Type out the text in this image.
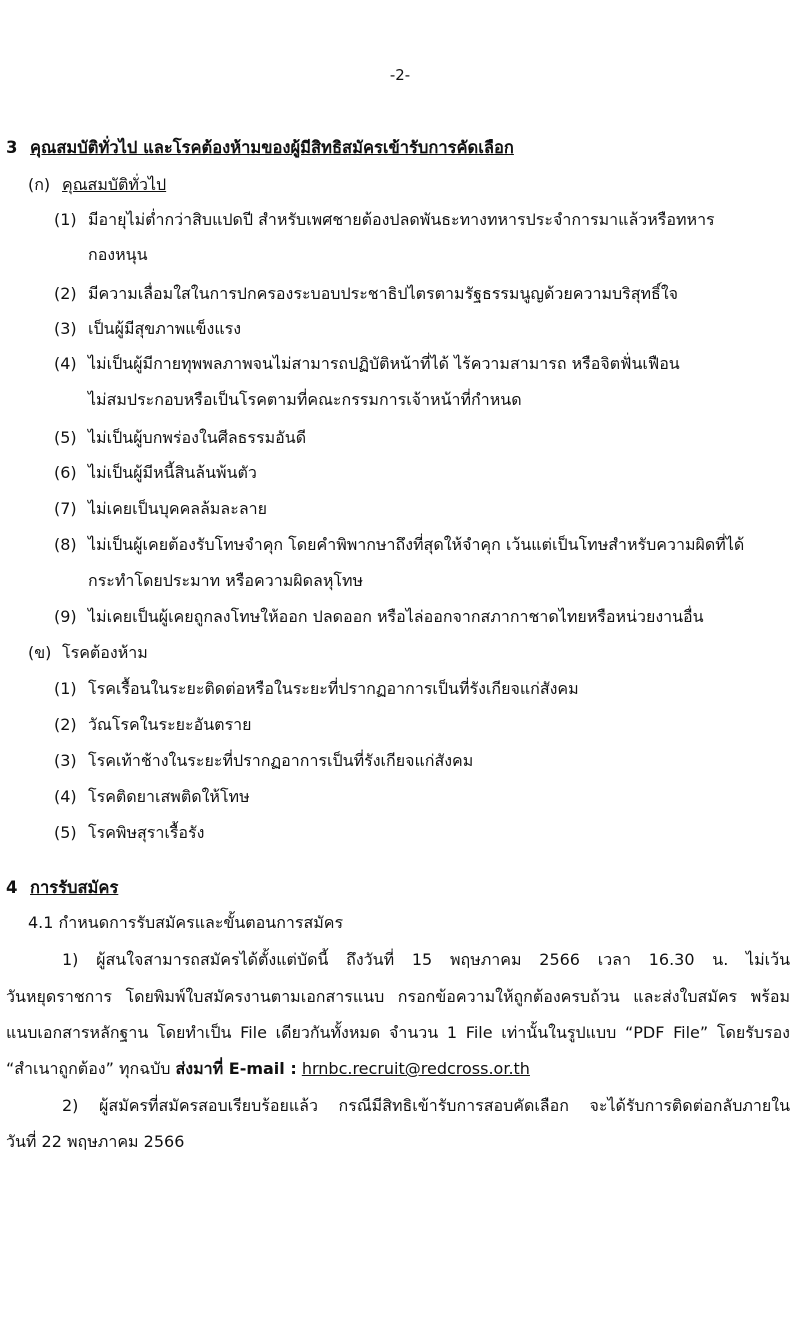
-2-
3 คุณสมบัติทั่วไป และโรคต้องห้ามของผู้มีสิทธิสมัครเข้ารับการคัดเลือก
(ก) คุณสมบัติทั่วไป
(1) มีอายุไม่ต่ำกว่าสิบแปดปี สำหรับเพศชายต้องปลดพันธะทางทหารประจำการมาแล้วหรือทหาร
กองหนุน
(2) มีความเลื่อมใสในการปกครองระบอบประชาธิปไตรตามรัฐธรรมนูญด้วยความบริสุทธิ์ใจ
(3) เป็นผู้มีสุขภาพแข็งแรง
(4) ไม่เป็นผู้มีกายทุพพลภาพจนไม่สามารถปฏิบัติหน้าที่ได้ ไร้ความสามารถ หรือจิตฟั่นเฟือน
ไม่สมประกอบหรือเป็นโรคตามที่คณะกรรมการเจ้าหน้าที่กำหนด
(5) ไม่เป็นผู้บกพร่องในศีลธรรมอันดี
(6) ไม่เป็นผู้มีหนี้สินล้นพ้นตัว
(7) ไม่เคยเป็นบุคคลล้มละลาย
(8) ไม่เป็นผู้เคยต้องรับโทษจำคุก โดยคำพิพากษาถึงที่สุดให้จำคุก เว้นแต่เป็นโทษสำหรับความผิดที่ได้
กระทำโดยประมาท หรือความผิดลหุโทษ
(9) ไม่เคยเป็นผู้เคยถูกลงโทษให้ออก ปลดออก หรือไล่ออกจากสภากาชาดไทยหรือหน่วยงานอื่น
(ข) โรคต้องห้าม
(1) โรคเรื้อนในระยะติดต่อหรือในระยะที่ปรากฏอาการเป็นที่รังเกียจแก่สังคม
(2) วัณโรคในระยะอันตราย
(3) โรคเท้าช้างในระยะที่ปรากฏอาการเป็นที่รังเกียจแก่สังคม
(4) โรคติดยาเสพติดให้โทษ
(5) โรคพิษสุราเรื้อรัง
4 การรับสมัคร
4.1 กำหนดการรับสมัครและขั้นตอนการสมัคร
1) ผู้สนใจสามารถสมัครได้ตั้งแต่บัดนี้ ถึงวันที่ 15 พฤษภาคม 2566 เวลา 16.30 น. ไม่เว้น
วันหยุดราชการ โดยพิมพ์ใบสมัครงานตามเอกสารแนบ กรอกข้อความให้ถูกต้องครบถ้วน และส่งใบสมัคร พร้อม
แนบเอกสารหลักฐาน โดยทำเป็น File เดียวกันทั้งหมด จำนวน 1 File เท่านั้นในรูปแบบ “PDF File” โดยรับรอง
“สำเนาถูกต้อง” ทุกฉบับ ส่งมาที่ E-mail : hrnbc.recruit@redcross.or.th
2) ผู้สมัครที่สมัครสอบเรียบร้อยแล้ว กรณีมีสิทธิเข้ารับการสอบคัดเลือก จะได้รับการติดต่อกลับภายใน
วันที่ 22 พฤษภาคม 2566
